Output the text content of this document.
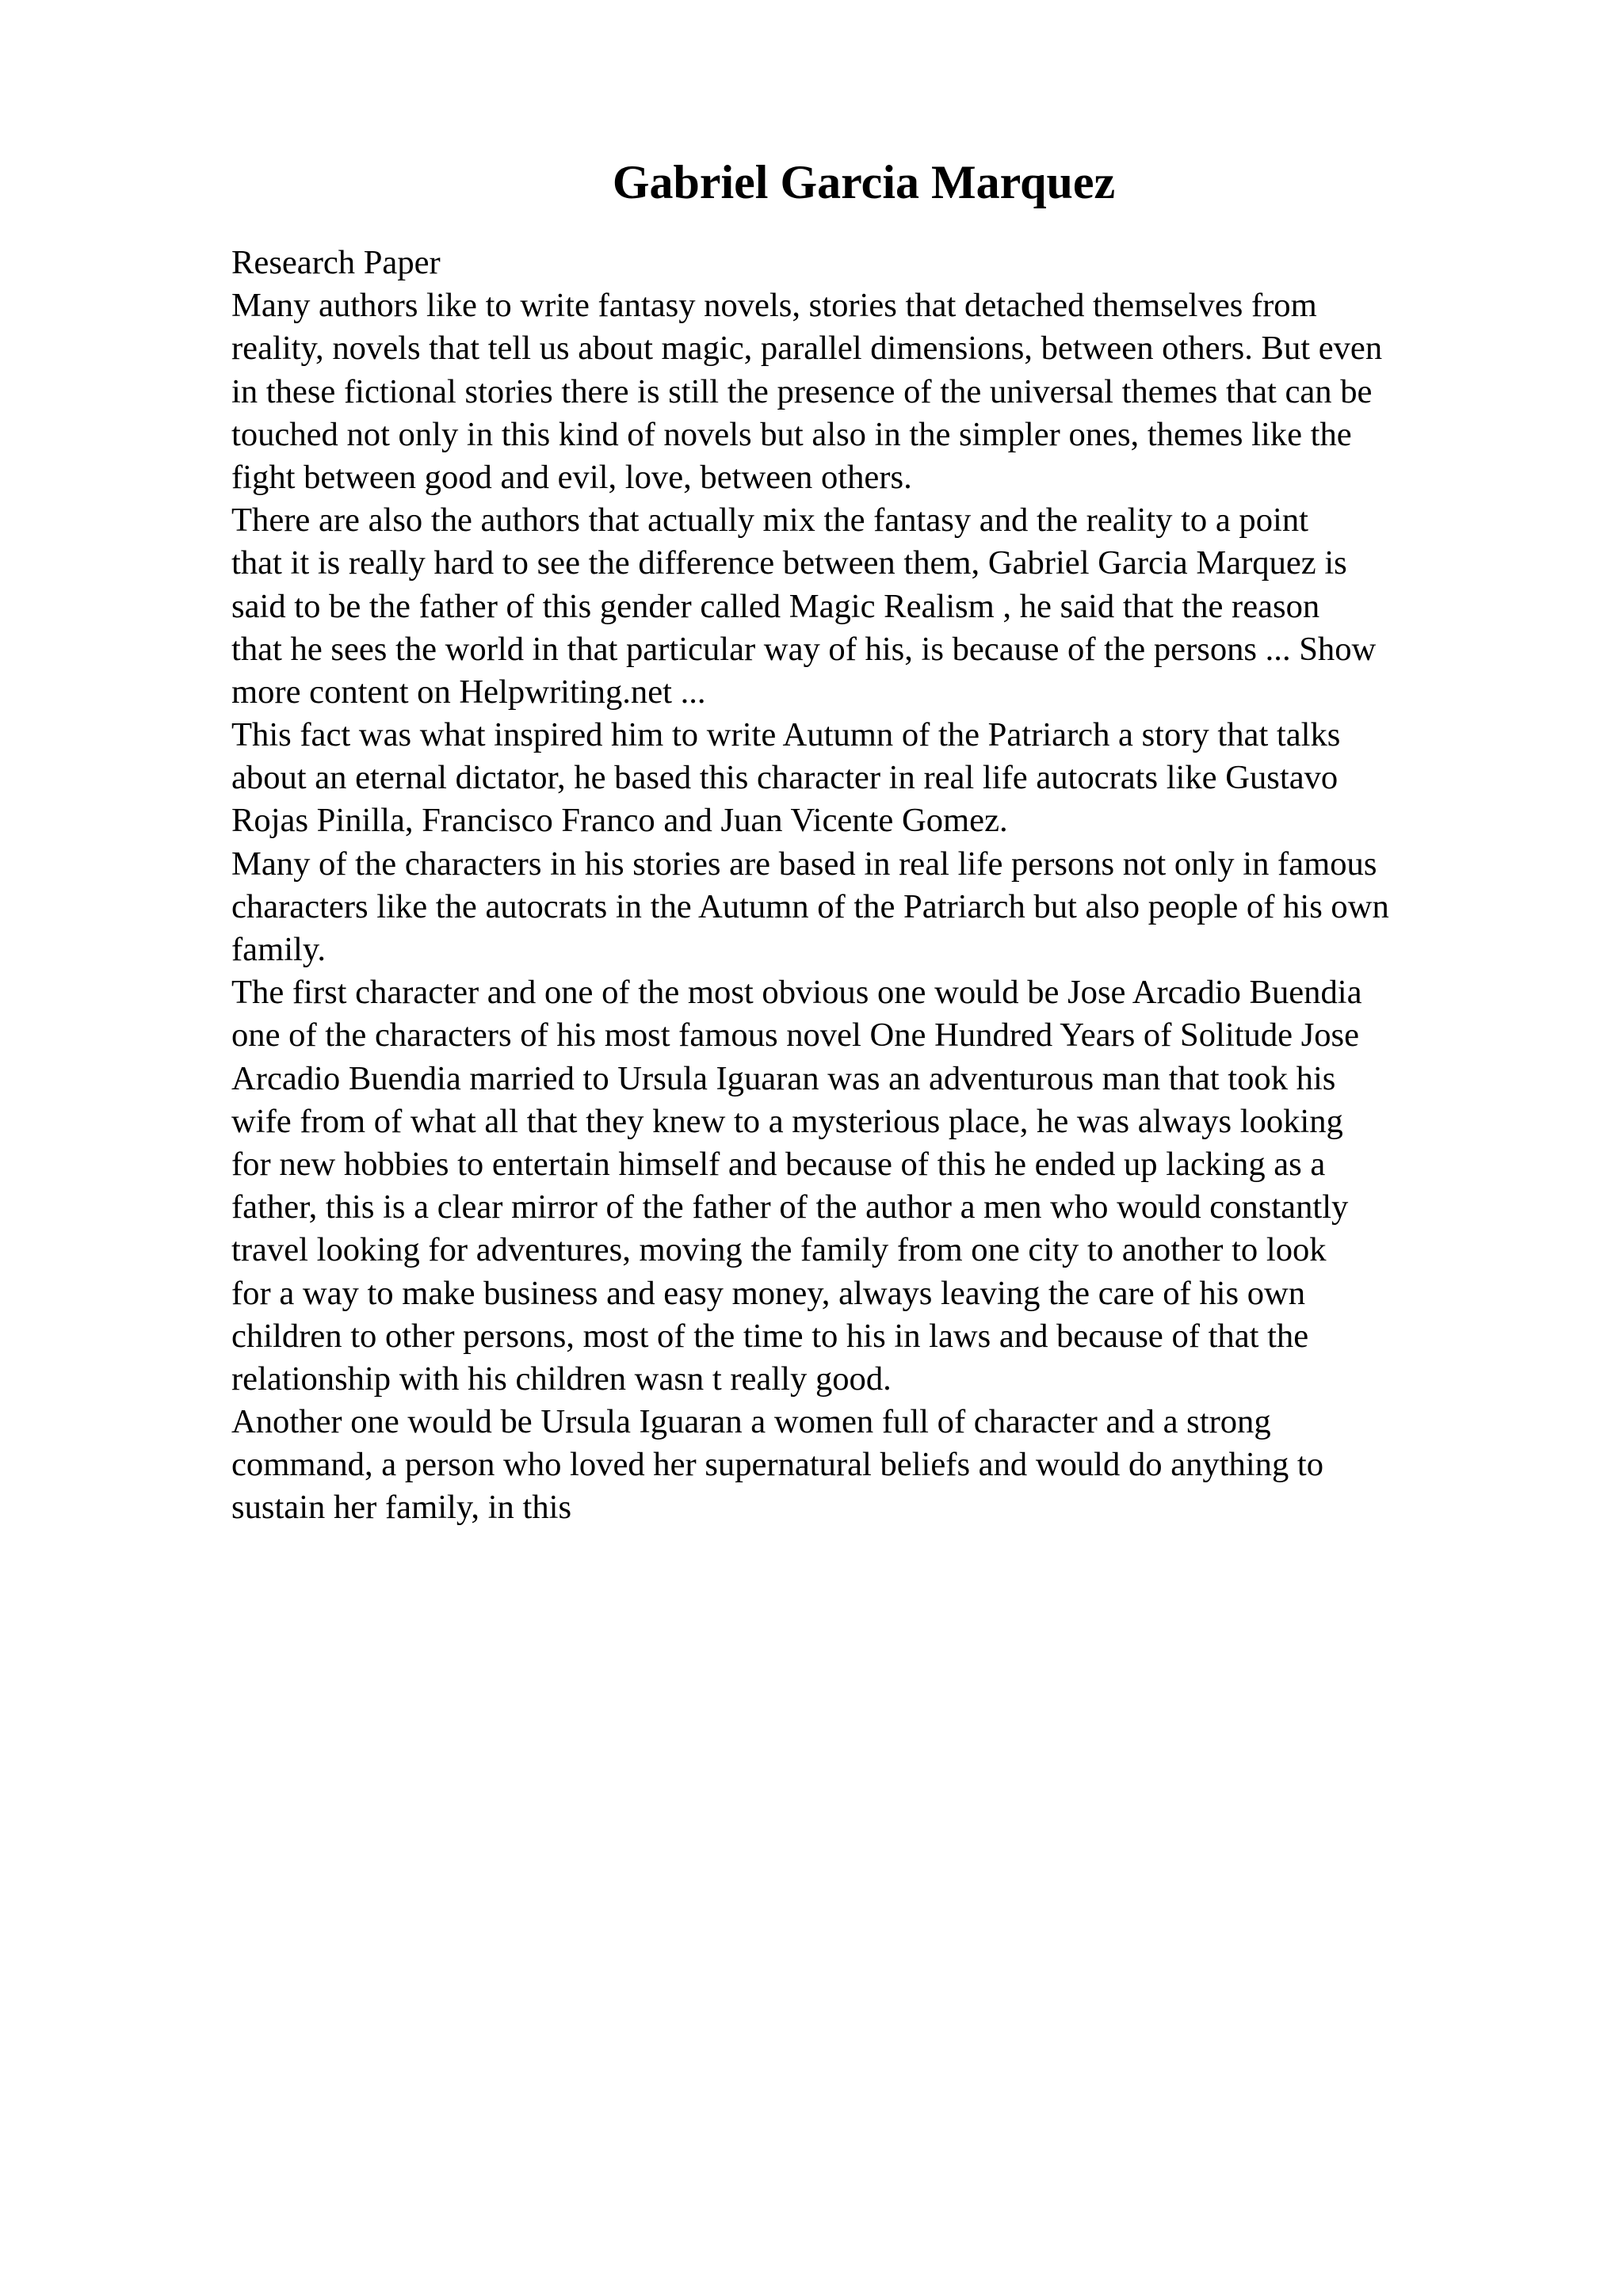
Gabriel Garcia Marquez
Research Paper
Many authors like to write fantasy novels, stories that detached themselves from
reality, novels that tell us about magic, parallel dimensions, between others. But even
in these fictional stories there is still the presence of the universal themes that can be
touched not only in this kind of novels but also in the simpler ones, themes like the
fight between good and evil, love, between others.
There are also the authors that actually mix the fantasy and the reality to a point
that it is really hard to see the difference between them, Gabriel Garcia Marquez is
said to be the father of this gender called Magic Realism , he said that the reason
that he sees the world in that particular way of his, is because of the persons ... Show
more content on Helpwriting.net ...
This fact was what inspired him to write Autumn of the Patriarch a story that talks
about an eternal dictator, he based this character in real life autocrats like Gustavo
Rojas Pinilla, Francisco Franco and Juan Vicente Gomez.
Many of the characters in his stories are based in real life persons not only in famous
characters like the autocrats in the Autumn of the Patriarch but also people of his own
family.
The first character and one of the most obvious one would be Jose Arcadio Buendia
one of the characters of his most famous novel One Hundred Years of Solitude Jose
Arcadio Buendia married to Ursula Iguaran was an adventurous man that took his
wife from of what all that they knew to a mysterious place, he was always looking
for new hobbies to entertain himself and because of this he ended up lacking as a
father, this is a clear mirror of the father of the author a men who would constantly
travel looking for adventures, moving the family from one city to another to look
for a way to make business and easy money, always leaving the care of his own
children to other persons, most of the time to his in laws and because of that the
relationship with his children wasn t really good.
Another one would be Ursula Iguaran a women full of character and a strong
command, a person who loved her supernatural beliefs and would do anything to
sustain her family, in this
